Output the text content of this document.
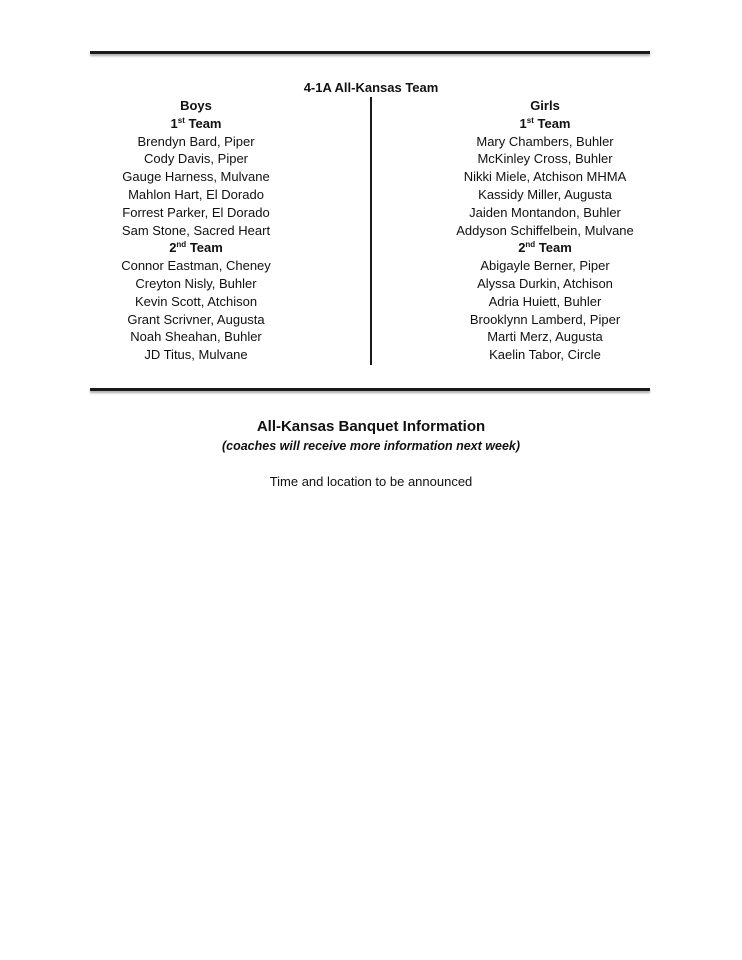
4-1A All-Kansas Team
Boys
1st Team
Brendyn Bard, Piper
Cody Davis, Piper
Gauge Harness, Mulvane
Mahlon Hart, El Dorado
Forrest Parker, El Dorado
Sam Stone, Sacred Heart
2nd Team
Connor Eastman, Cheney
Creyton Nisly, Buhler
Kevin Scott, Atchison
Grant Scrivner, Augusta
Noah Sheahan, Buhler
JD Titus, Mulvane
Girls
1st Team
Mary Chambers, Buhler
McKinley Cross, Buhler
Nikki Miele, Atchison MHMA
Kassidy Miller, Augusta
Jaiden Montandon, Buhler
Addyson Schiffelbein, Mulvane
2nd Team
Abigayle Berner, Piper
Alyssa Durkin, Atchison
Adria Huiett, Buhler
Brooklynn Lamberd, Piper
Marti Merz, Augusta
Kaelin Tabor, Circle
All-Kansas Banquet Information
(coaches will receive more information next week)
Time and location to be announced
